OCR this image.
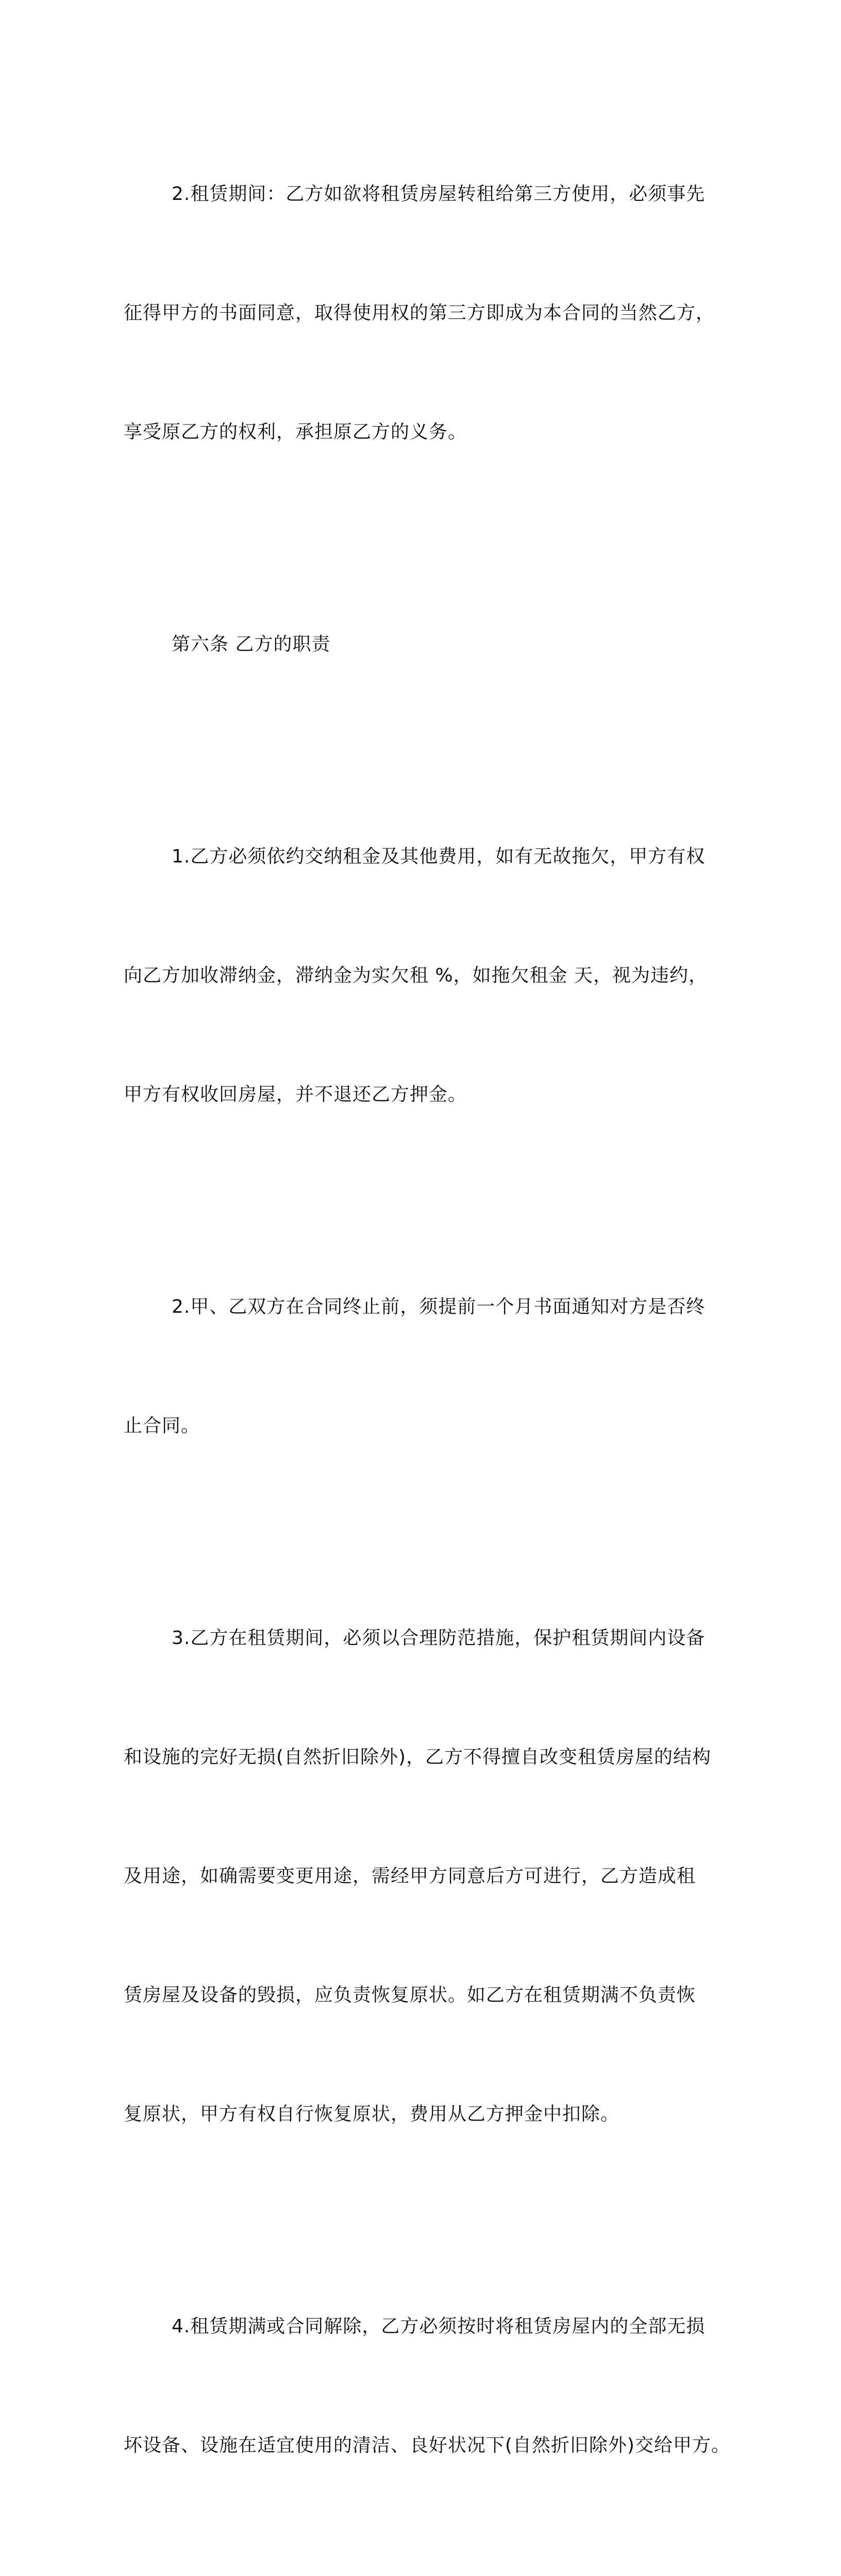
2.租赁期间：乙方如欲将租赁房屋转租给第三方使用，必须事先

征得甲方的书面同意，取得使用权的第三方即成为本合同的当然乙方，

享受原乙方的权利，承担原乙方的义务。

第六条 乙方的职责

1.乙方必须依约交纳租金及其他费用，如有无故拖欠，甲方有权

向乙方加收滞纳金，滞纳金为实欠租 %，如拖欠租金 天，视为违约，

甲方有权收回房屋，并不退还乙方押金。

2.甲、乙双方在合同终止前，须提前一个月书面通知对方是否终

止合同。

3.乙方在租赁期间，必须以合理防范措施，保护租赁期间内设备

和设施的完好无损(自然折旧除外)，乙方不得擅自改变租赁房屋的结构

及用途，如确需要变更用途，需经甲方同意后方可进行，乙方造成租

赁房屋及设备的毁损，应负责恢复原状。如乙方在租赁期满不负责恢

复原状，甲方有权自行恢复原状，费用从乙方押金中扣除。

4.租赁期满或合同解除，乙方必须按时将租赁房屋内的全部无损

坏设备、设施在适宜使用的清洁、良好状况下(自然折旧除外)交给甲方。
